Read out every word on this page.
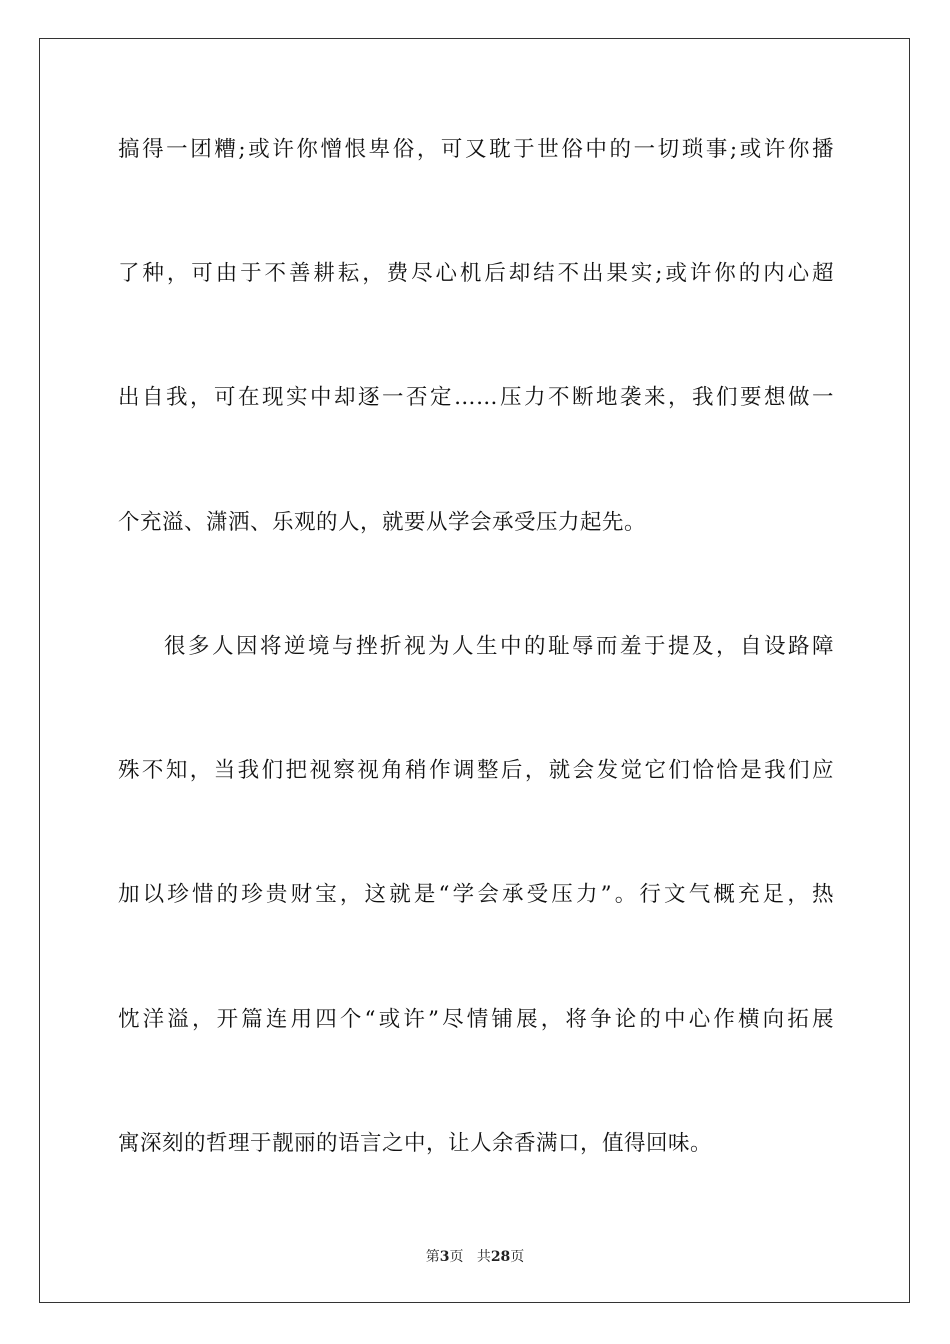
搞得一团糟;或许你憎恨卑俗，可又耽于世俗中的一切琐事;或许你播
了种，可由于不善耕耘，费尽心机后却结不出果实;或许你的内心超
出自我，可在现实中却逐一否定……压力不断地袭来，我们要想做一
个充溢、潇洒、乐观的人，就要从学会承受压力起先。
很多人因将逆境与挫折视为人生中的耻辱而羞于提及，自设路障
殊不知，当我们把视察视角稍作调整后，就会发觉它们恰恰是我们应
加以珍惜的珍贵财宝，这就是“学会承受压力”。行文气概充足，热
忱洋溢，开篇连用四个“或许”尽情铺展，将争论的中心作横向拓展
寓深刻的哲理于靓丽的语言之中，让人余香满口，值得回味。
第3页 共28页
